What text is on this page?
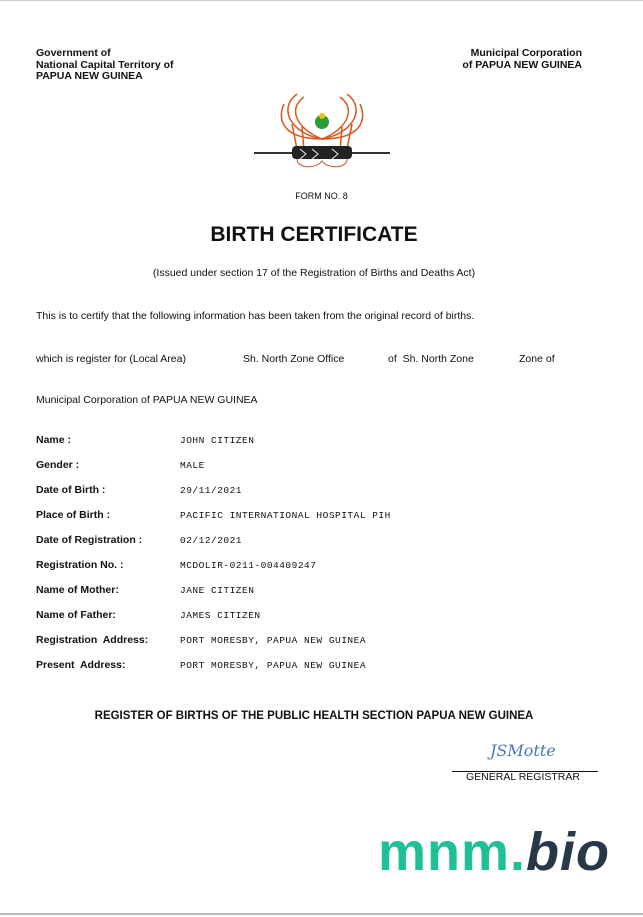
Government of
National Capital Territory of
PAPUA NEW GUINEA
Municipal Corporation
of PAPUA NEW GUINEA
FORM NO. 8
BIRTH CERTIFICATE
(Issued under section 17 of the Registration of Births and Deaths Act)
This is to certify that the following information has been taken from the original record of births.
which is register for (Local Area)	Sh. North Zone Office	of  Sh. North Zone	Zone of
Municipal Corporation of PAPUA NEW GUINEA
Name :	JOHN CITIZEN
Gender :	MALE
Date of Birth :	29/11/2021
Place of Birth :	PACIFIC INTERNATIONAL HOSPITAL PIH
Date of Registration :	02/12/2021
Registration No. :	MCDOLIR-0211-004409247
Name of Mother:	JANE CITIZEN
Name of Father:	JAMES CITIZEN
Registration  Address:	PORT MORESBY, PAPUA NEW GUINEA
Present  Address:	PORT MORESBY, PAPUA NEW GUINEA
REGISTER OF BIRTHS OF THE PUBLIC HEALTH SECTION PAPUA NEW GUINEA
JSMotte
GENERAL REGISTRAR
mnm.bio
